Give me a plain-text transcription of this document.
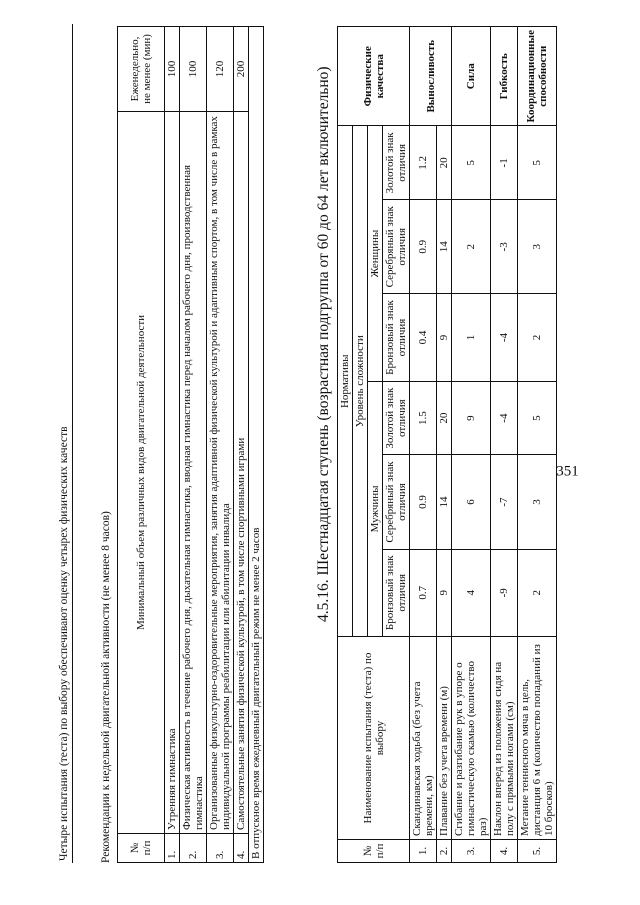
351
Четыре испытания (теста) по выбору обеспечивают оценку четырех физических качеств	Рекомендации к недельной двигательной активности (не менее 8 часов) № п/п	Минимальный объем различных видов двигательной деятельности	Еженедельно, не менее (мин)
1.	Утренняя гимнастика	100
2.	Физическая активность в течение рабочего дня, дыхательная гимнастика, вводная гимнастика перед началом рабочего дня, производственная гимнастика	100
3.	Организованные физкультурно-оздоровительные мероприятия, занятия адаптивной физической культурой и адаптивным спортом, в том числе в рамках индивидуальной программы реабилитации или абилитации инвалида	120
4.	Самостоятельные занятия физической культурой, в том числе спортивными играми	200
В отпускное время ежедневный двигательный режим не менее 2 часов		
4.5.16. Шестнадцатая ступень (возрастная подгруппа от 60 до 64 лет включительно)
№ п/п	Наименование испытания (теста) по выбору	Нормативы						Физические качества
		Уровень сложности						
		Мужчины			Женщины			
		Бронзовый знак отличия	Серебряный знак отличия	Золотой знак отличия	Бронзовый знак отличия	Серебряный знак отличия	Золотой знак отличия	
1.	Скандинавская ходьба (без учета времени, км)	0.7	0.9	1.5	0.4	0.9	1.2	Выносливость
2.	Плавание без учета времени (м)	9	14	20	9	14	20	
3.	Сгибание и разгибание рук в упоре о гимнастическую скамью (количество раз)	4	6	9	1	2	5	Сила
4.	Наклон вперед из положения сидя на полу с прямыми ногами (см)	-9	-7	-4	-4	-3	-1	Гибкость
5.	Метание теннисного мяча в цель, дистанция 6 м (количество попаданий из 10 бросков)	2	3	5	2	3	5	Координационные способности
